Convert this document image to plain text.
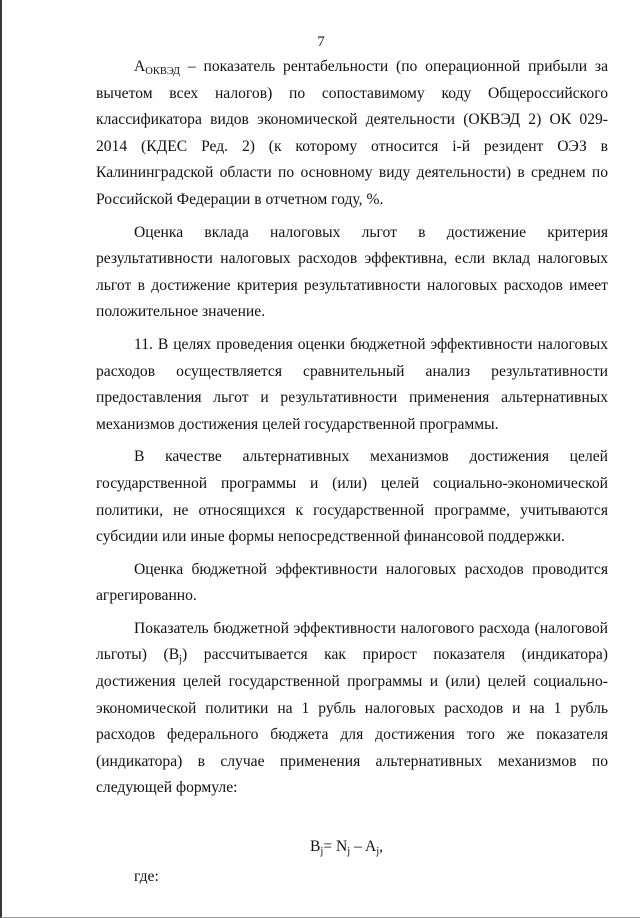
7

$A_{ОКВЭД}$ – показатель рентабельности (по операционной прибыли за вычетом всех налогов) по сопоставимому коду Общероссийского классификатора видов экономической деятельности (ОКВЭД 2) ОК 029-2014 (КДЕС Ред. 2) (к которому относится i-й резидент ОЭЗ в Калининградской области по основному виду деятельности) в среднем по Российской Федерации в отчетном году, %.

Оценка вклада налоговых льгот в достижение критерия результативности налоговых расходов эффективна, если вклад налоговых льгот в достижение критерия результативности налоговых расходов имеет положительное значение.

11. В целях проведения оценки бюджетной эффективности налоговых расходов осуществляется сравнительный анализ результативности предоставления льгот и результативности применения альтернативных механизмов достижения целей государственной программы.

В качестве альтернативных механизмов достижения целей государственной программы и (или) целей социально-экономической политики, не относящихся к государственной программе, учитываются субсидии или иные формы непосредственной финансовой поддержки.

Оценка бюджетной эффективности налоговых расходов проводится агрегированно.

Показатель бюджетной эффективности налогового расхода (налоговой льготы) $(B_j)$ рассчитывается как прирост показателя (индикатора) достижения целей государственной программы и (или) целей социально-экономической политики на 1 рубль налоговых расходов и на 1 рубль расходов федерального бюджета для достижения того же показателя (индикатора) в случае применения альтернативных механизмов по следующей формуле:

$B_j= N_j - A_j$,
где:
